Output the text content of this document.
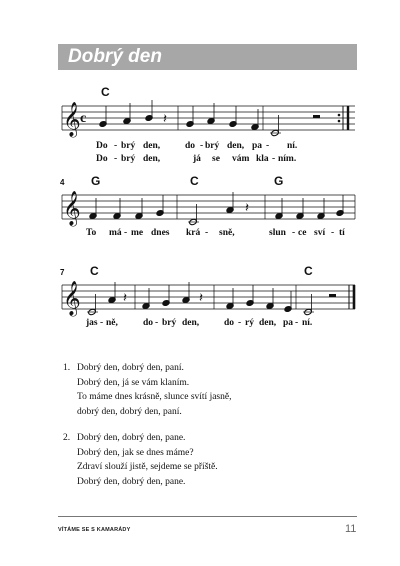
Dobrý den
𝄞 c
C
𝄽
Do - brý den,	do - brý den, pa - ní.
Do - brý den,	já se vám kla - ním.
4
𝄞
G	C	G
𝄽
To má - me dnes krá - sně,	slun - ce sví - tí
7
𝄞
C	C
𝄽	𝄽
jas - ně,	do - brý den,	do - rý den, pa - ní.
1. Dobrý den, dobrý den, paní.
Dobrý den, já se vám klaním.
To máme dnes krásně, slunce svítí jasně,
dobrý den, dobrý den, paní.
2. Dobrý den, dobrý den, pane.
Dobrý den, jak se dnes máme?
Zdraví slouží jistě, sejdeme se příště.
Dobrý den, dobrý den, pane.
VÍTÁME SE S KAMARÁDY	11
